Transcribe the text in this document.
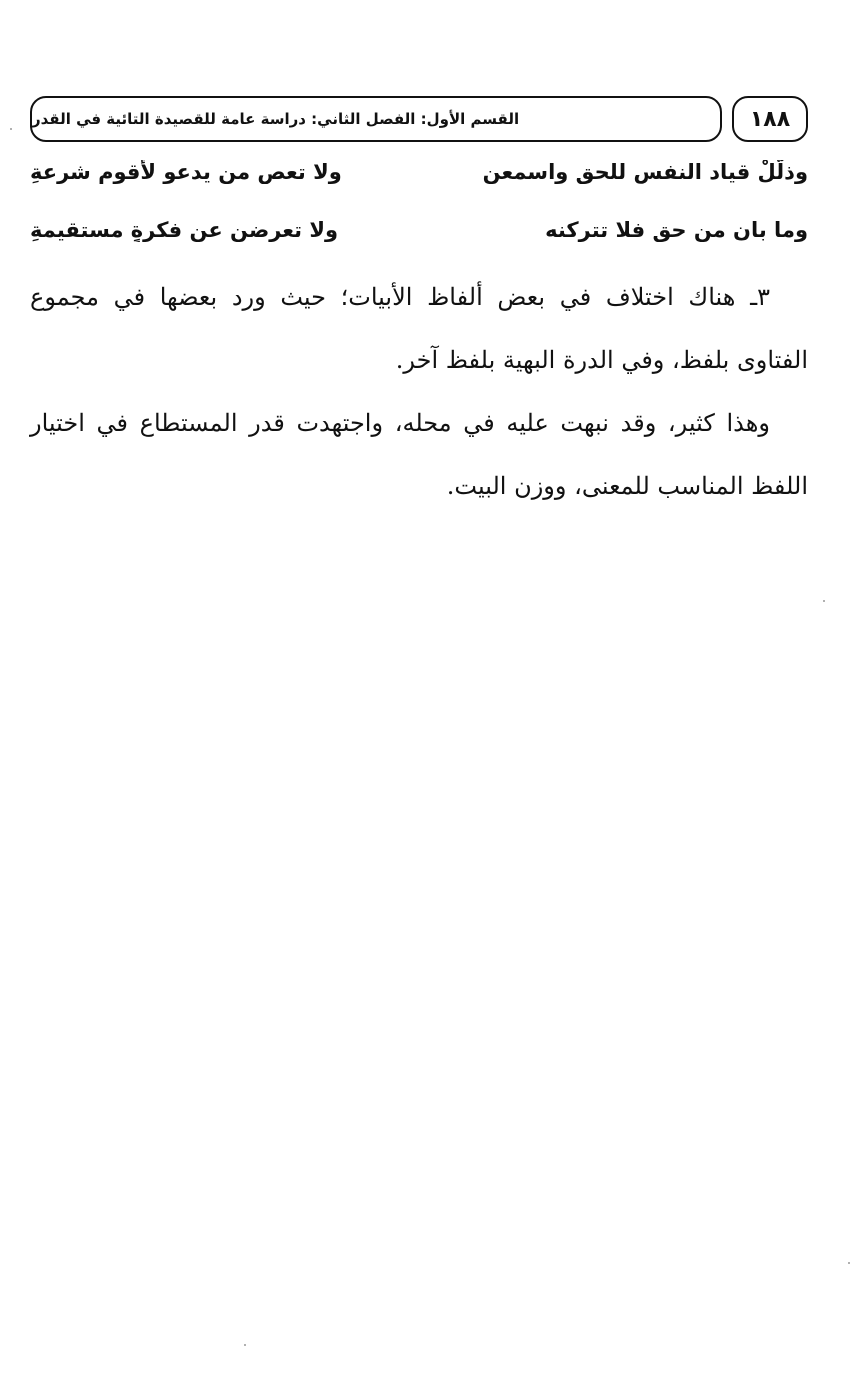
القسم الأول: الفصل الثاني: دراسة عامة للقصيدة التائية في القدر	١٨٨
وذلّلْ قياد النفس للحق واسمعن
ولا تعص من يدعو لأقوم شرعةِ
وما بان من حق فلا تتركنه
ولا تعرضن عن فكرةٍ مستقيمةِ

٣ـ هناك اختلاف في بعض ألفاظ الأبيات؛ حيث ورد بعضها في مجموع الفتاوى بلفظ، وفي الدرة البهية بلفظ آخر.

وهذا كثير، وقد نبهت عليه في محله، واجتهدت قدر المستطاع في اختيار اللفظ المناسب للمعنى، ووزن البيت.
